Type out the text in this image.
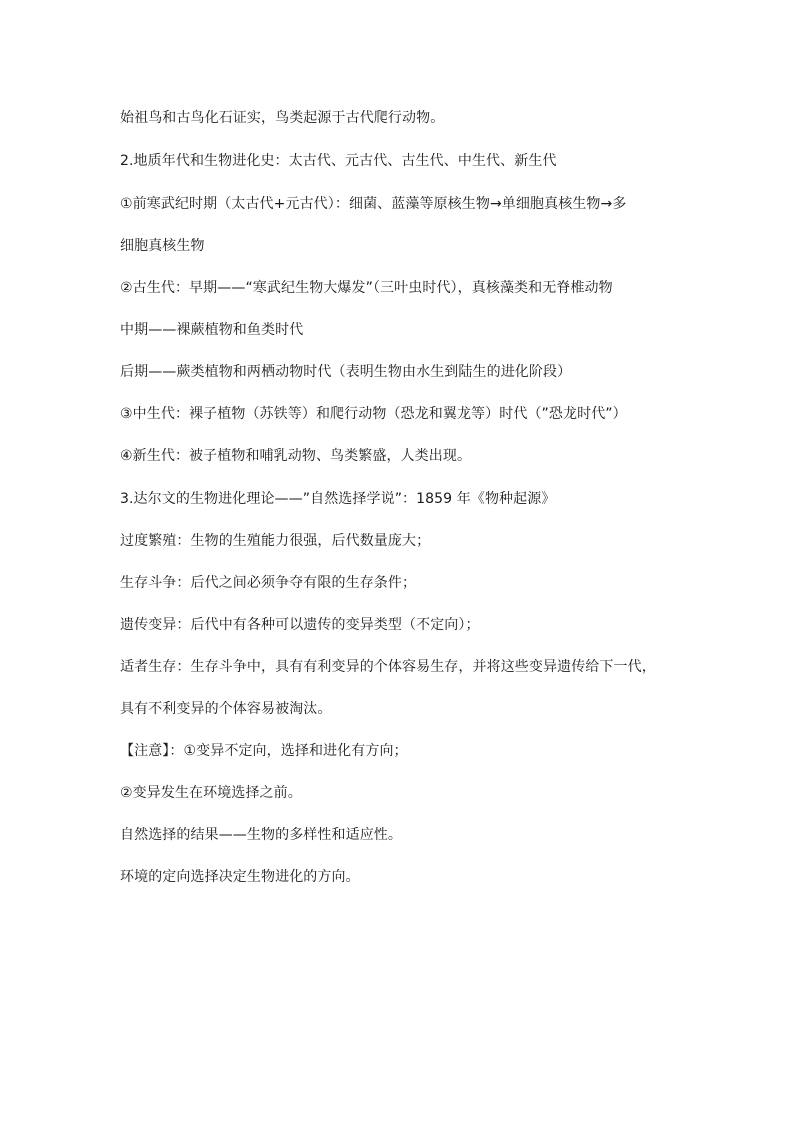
始祖鸟和古鸟化石证实，鸟类起源于古代爬行动物。
2.地质年代和生物进化史：太古代、元古代、古生代、中生代、新生代
①前寒武纪时期（太古代+元古代）：细菌、蓝藻等原核生物→单细胞真核生物→多
细胞真核生物
②古生代：早期——“寒武纪生物大爆发”（三叶虫时代），真核藻类和无脊椎动物
中期——裸蕨植物和鱼类时代
后期——蕨类植物和两栖动物时代（表明生物由水生到陆生的进化阶段）
③中生代：裸子植物（苏铁等）和爬行动物（恐龙和翼龙等）时代（”恐龙时代”）
④新生代：被子植物和哺乳动物、鸟类繁盛，人类出现。
3.达尔文的生物进化理论——”自然选择学说”：1859 年《物种起源》
过度繁殖：生物的生殖能力很强，后代数量庞大；
生存斗争：后代之间必须争夺有限的生存条件；
遗传变异：后代中有各种可以遗传的变异类型（不定向）；
适者生存：生存斗争中，具有有利变异的个体容易生存，并将这些变异遗传给下一代，
具有不利变异的个体容易被淘汰。
【注意】：①变异不定向，选择和进化有方向；
②变异发生在环境选择之前。
自然选择的结果——生物的多样性和适应性。
环境的定向选择决定生物进化的方向。
